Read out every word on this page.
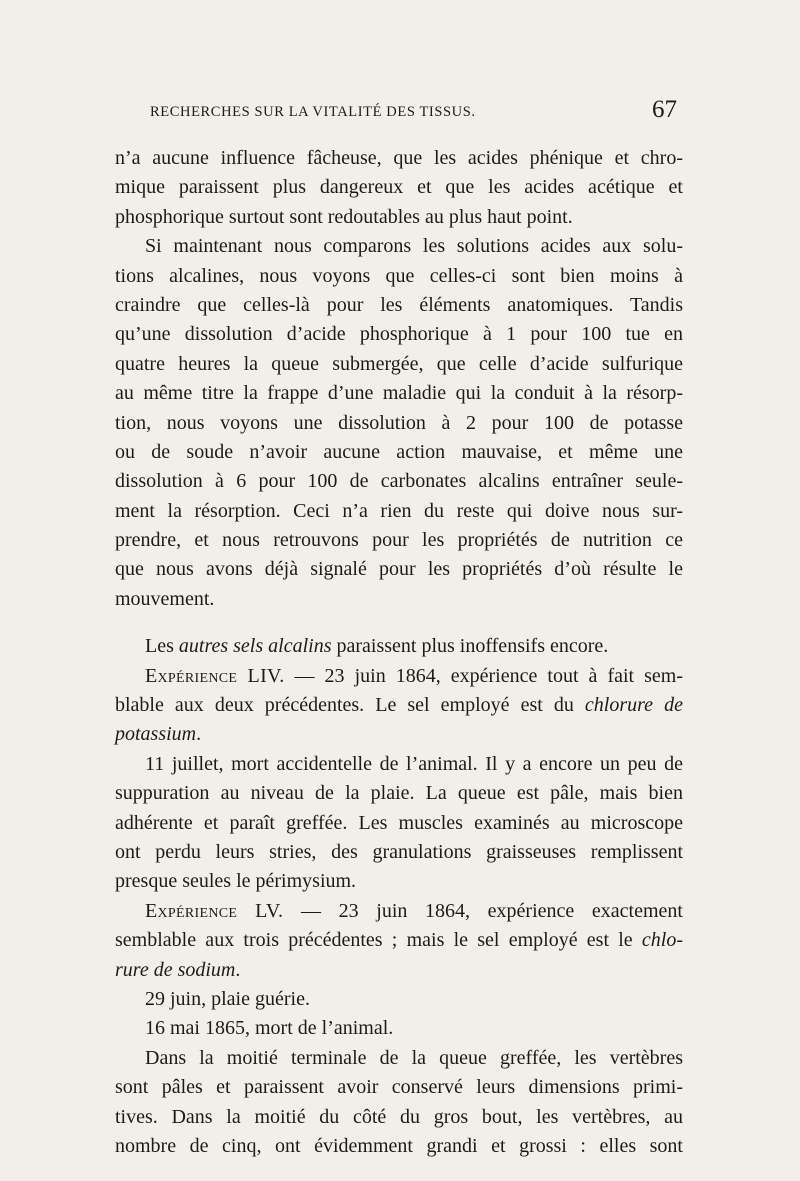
RECHERCHES SUR LA VITALITÉ DES TISSUS.	67
n’a aucune influence fâcheuse, que les acides phénique et chro-
mique paraissent plus dangereux et que les acides acétique et
phosphorique surtout sont redoutables au plus haut point.
Si maintenant nous comparons les solutions acides aux solu-
tions alcalines, nous voyons que celles-ci sont bien moins à
craindre que celles-là pour les éléments anatomiques. Tandis
qu’une dissolution d’acide phosphorique à 1 pour 100 tue en
quatre heures la queue submergée, que celle d’acide sulfurique
au même titre la frappe d’une maladie qui la conduit à la résorp-
tion, nous voyons une dissolution à 2 pour 100 de potasse
ou de soude n’avoir aucune action mauvaise, et même une
dissolution à 6 pour 100 de carbonates alcalins entraîner seule-
ment la résorption. Ceci n’a rien du reste qui doive nous sur-
prendre, et nous retrouvons pour les propriétés de nutrition ce
que nous avons déjà signalé pour les propriétés d’où résulte le
mouvement.
Les autres sels alcalins paraissent plus inoffensifs encore.
Expérience LIV. — 23 juin 1864, expérience tout à fait sem-
blable aux deux précédentes. Le sel employé est du chlorure de
potassium.
11 juillet, mort accidentelle de l’animal. Il y a encore un peu de
suppuration au niveau de la plaie. La queue est pâle, mais bien
adhérente et paraît greffée. Les muscles examinés au microscope
ont perdu leurs stries, des granulations graisseuses remplissent
presque seules le périmysium.
Expérience LV. — 23 juin 1864, expérience exactement
semblable aux trois précédentes ; mais le sel employé est le chlo-
rure de sodium.
29 juin, plaie guérie.
16 mai 1865, mort de l’animal.
Dans la moitié terminale de la queue greffée, les vertèbres
sont pâles et paraissent avoir conservé leurs dimensions primi-
tives. Dans la moitié du côté du gros bout, les vertèbres, au
nombre de cinq, ont évidemment grandi et grossi : elles sont
